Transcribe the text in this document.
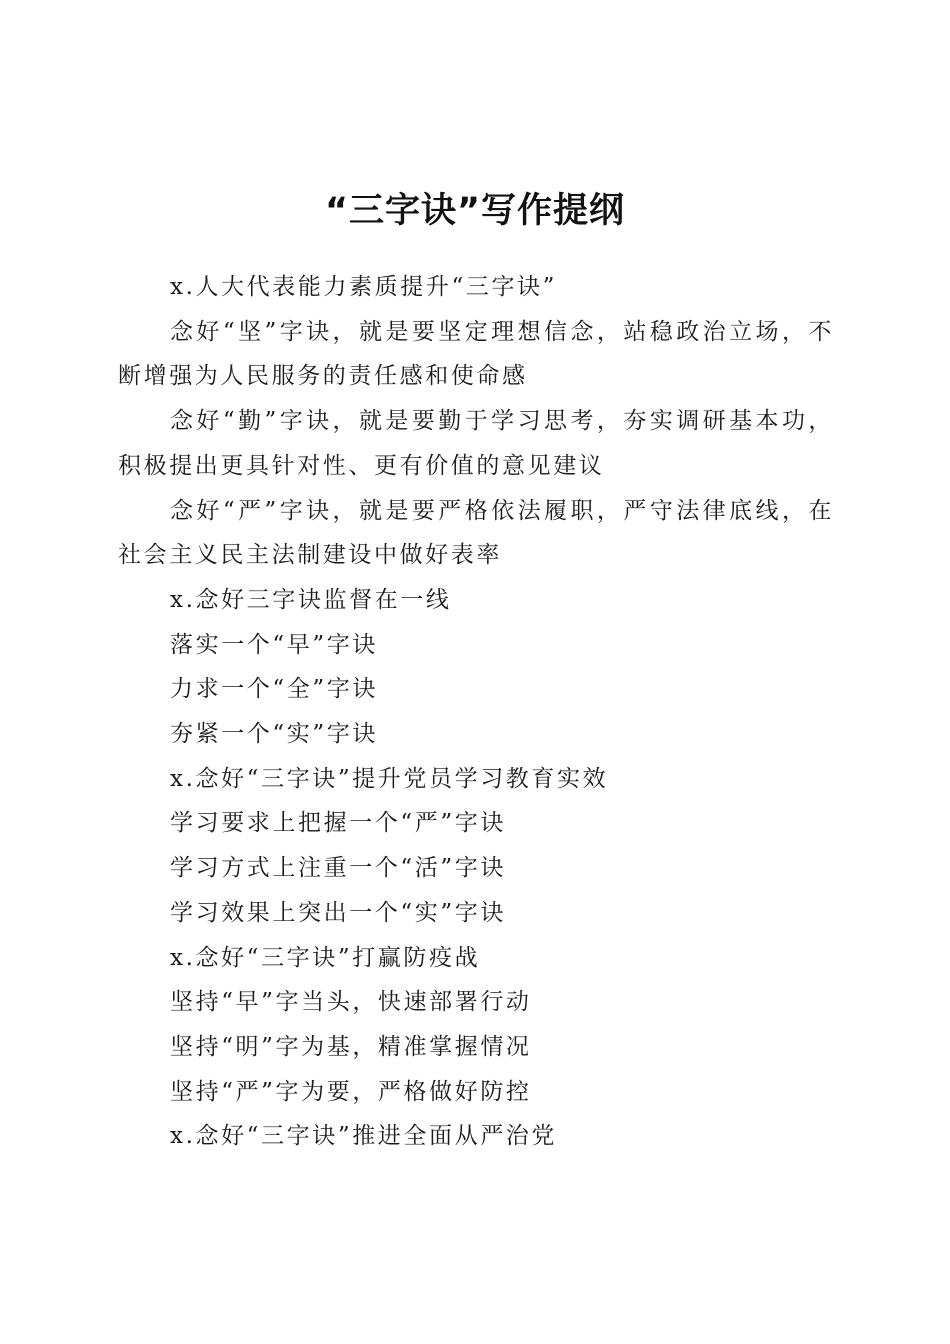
“三字诀”写作提纲

x.人大代表能力素质提升“三字诀”

念好“坚”字诀，就是要坚定理想信念，站稳政治立场，不断增强为人民服务的责任感和使命感

念好“勤”字诀，就是要勤于学习思考，夯实调研基本功，积极提出更具针对性、更有价值的意见建议

念好“严”字诀，就是要严格依法履职，严守法律底线，在社会主义民主法制建设中做好表率

x.念好三字诀监督在一线

落实一个“早”字诀

力求一个“全”字诀

夯紧一个“实”字诀

x.念好“三字诀”提升党员学习教育实效

学习要求上把握一个“严”字诀

学习方式上注重一个“活”字诀

学习效果上突出一个“实”字诀

x.念好“三字诀”打赢防疫战

坚持“早”字当头，快速部署行动

坚持“明”字为基，精准掌握情况

坚持“严”字为要，严格做好防控

x.念好“三字诀”推进全面从严治党
